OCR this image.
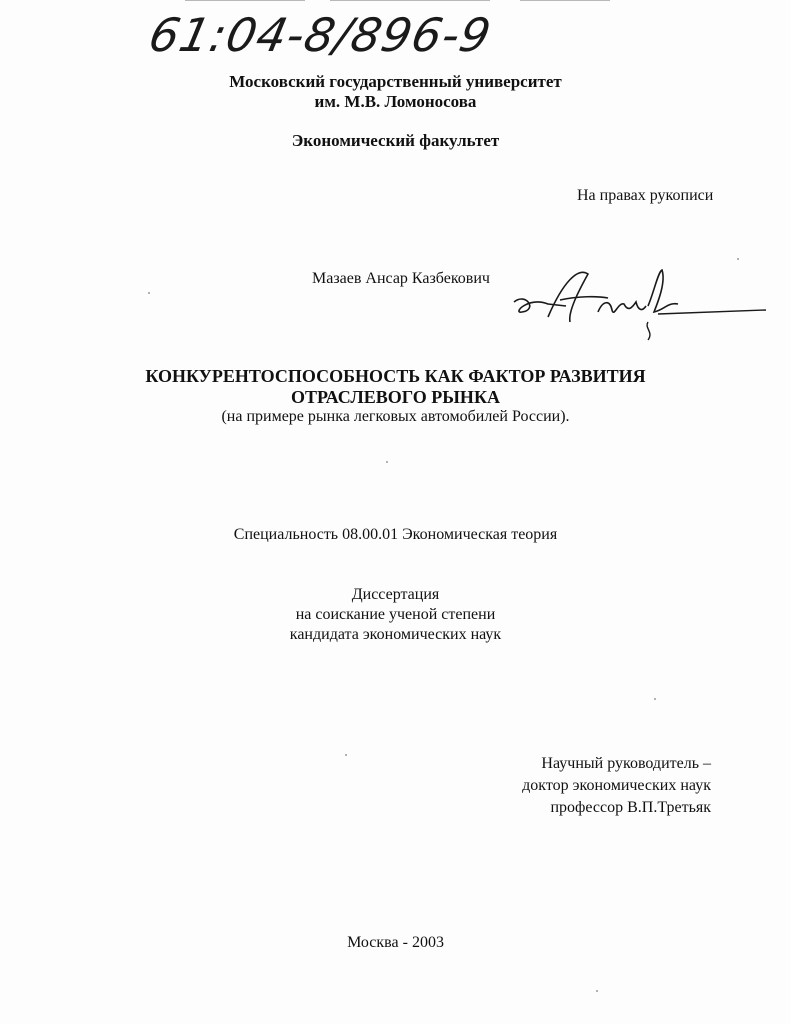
61:04-8/896-9
Московский государственный университет
им. М.В. Ломоносова
Экономический факультет
На правах рукописи
Мазаев Ансар Казбекович
КОНКУРЕНТОСПОСОБНОСТЬ КАК ФАКТОР РАЗВИТИЯ
ОТРАСЛЕВОГО РЫНКА
(на примере рынка легковых автомобилей России).
Специальность 08.00.01 Экономическая теория
Диссертация
на соискание ученой степени
кандидата экономических наук
Научный руководитель –
доктор экономических наук
профессор В.П.Третьяк
Москва - 2003
